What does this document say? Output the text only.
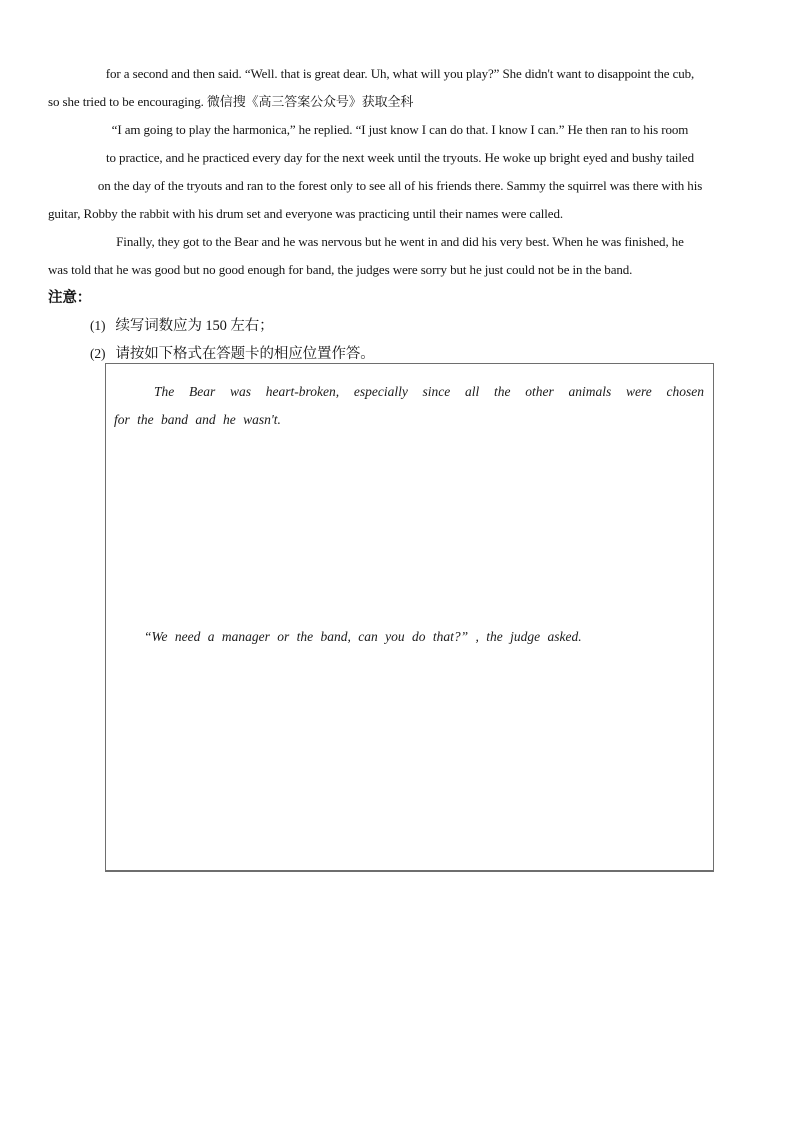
for a second and then said. “Well. that is great dear. Uh, what will you play?” She didn't want to disappoint the cub,
so she tried to be encouraging. 微信搜《高三答案公众号》获取全科
“I am going to play the harmonica,” he replied. “I just know I can do that. I know I can.” He then ran to his room
to practice, and he practiced every day for the next week until the tryouts. He woke up bright eyed and bushy tailed
on the day of the tryouts and ran to the forest only to see all of his friends there. Sammy the squirrel was there with his
guitar, Robby the rabbit with his drum set and everyone was practicing until their names were called.
Finally, they got to the Bear and he was nervous but he went in and did his very best. When he was finished, he
was told that he was good but no good enough for band, the judges were sorry but he just could not be in the band.
注意：
(1) 续写词数应为 150 左右；
(2) 请按如下格式在答题卡的相应位置作答。
The Bear was heart-broken, especially since all the other animals were chosen
for the band and he wasn't.
“We need a manager or the band, can you do that?” , the judge asked.
